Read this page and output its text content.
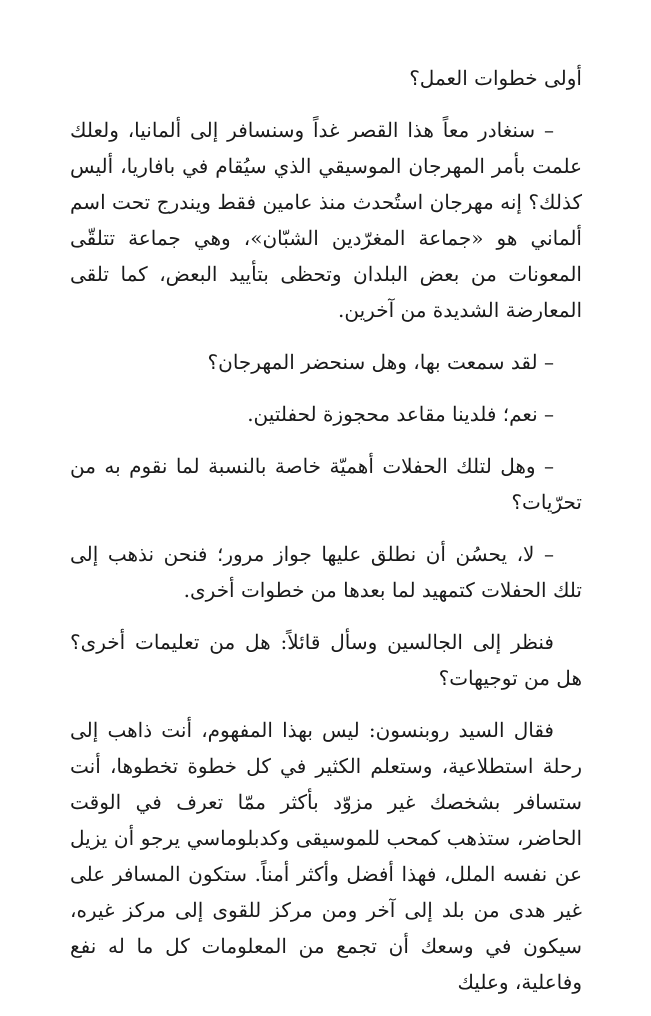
أولى خطوات العمل؟

– سنغادر معاً هذا القصر غداً وسنسافر إلى ألمانيا، ولعلك علمت بأمر المهرجان الموسيقي الذي سيُقام في بافاريا، أليس كذلك؟ إنه مهرجان استُحدث منذ عامين فقط ويندرج تحت اسم ألماني هو «جماعة المغرّدين الشبّان»، وهي جماعة تتلقّى المعونات من بعض البلدان وتحظى بتأييد البعض، كما تلقى المعارضة الشديدة من آخرين.

– لقد سمعت بها، وهل سنحضر المهرجان؟

– نعم؛ فلدينا مقاعد محجوزة لحفلتين.

– وهل لتلك الحفلات أهميّة خاصة بالنسبة لما نقوم به من تحرّيات؟

– لا، يحسُن أن نطلق عليها جواز مرور؛ فنحن نذهب إلى تلك الحفلات كتمهيد لما بعدها من خطوات أخرى.

فنظر إلى الجالسين وسأل قائلاً: هل من تعليمات أخرى؟ هل من توجيهات؟

فقال السيد روبنسون: ليس بهذا المفهوم، أنت ذاهب إلى رحلة استطلاعية، وستعلم الكثير في كل خطوة تخطوها، أنت ستسافر بشخصك غير مزوّد بأكثر ممّا تعرف في الوقت الحاضر، ستذهب كمحب للموسيقى وكدبلوماسي يرجو أن يزيل عن نفسه الملل، فهذا أفضل وأكثر أمناً. ستكون المسافر على غير هدى من بلد إلى آخر ومن مركز للقوى إلى مركز غيره، سيكون في وسعك أن تجمع من المعلومات كل ما له نفع وفاعلية، وعليك
